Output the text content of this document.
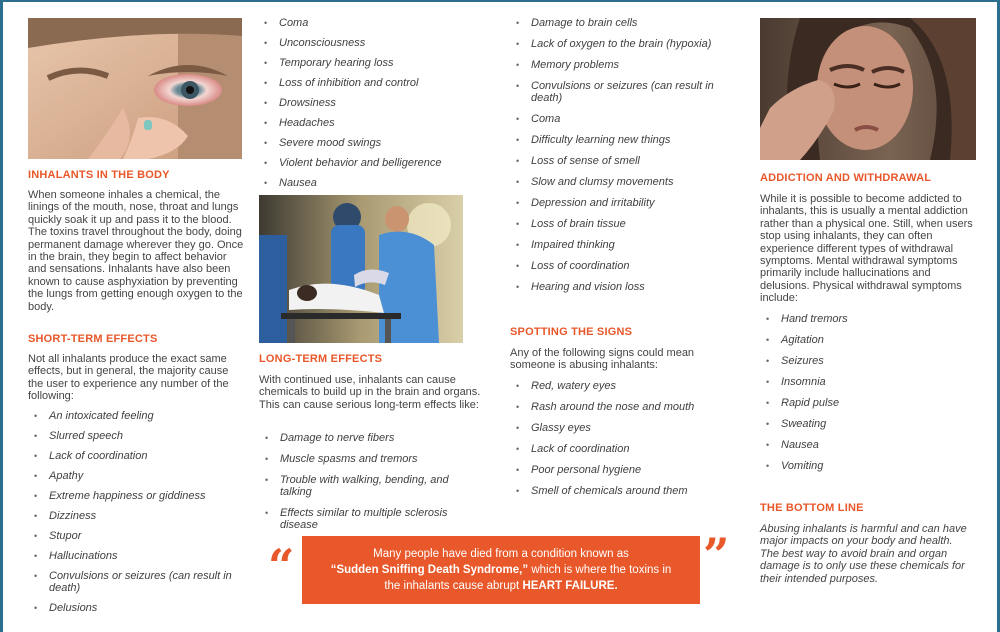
INHALANTS IN THE BODY
When someone inhales a chemical, the linings of the mouth, nose, throat and lungs quickly soak it up and pass it to the blood. The toxins travel throughout the body, doing permanent damage wherever they go. Once in the brain, they begin to affect behavior and sensations. Inhalants have also been known to cause asphyxiation by preventing the lungs from getting enough oxygen to the body.
SHORT-TERM EFFECTS
Not all inhalants produce the exact same effects, but in general, the majority cause the user to experience any number of the following:
• An intoxicated feeling
• Slurred speech
• Lack of coordination
• Apathy
• Extreme happiness or giddiness
• Dizziness
• Stupor
• Hallucinations
• Convulsions or seizures (can result in death)
• Delusions
• Coma
• Unconsciousness
• Temporary hearing loss
• Loss of inhibition and control
• Drowsiness
• Headaches
• Severe mood swings
• Violent behavior and belligerence
• Nausea
LONG-TERM EFFECTS
With continued use, inhalants can cause chemicals to build up in the brain and organs. This can cause serious long-term effects like:
• Damage to nerve fibers
• Muscle spasms and tremors
• Trouble with walking, bending, and talking
• Effects similar to multiple sclerosis disease
• Damage to brain cells
• Lack of oxygen to the brain (hypoxia)
• Memory problems
• Convulsions or seizures (can result in death)
• Coma
• Difficulty learning new things
• Loss of sense of smell
• Slow and clumsy movements
• Depression and irritability
• Loss of brain tissue
• Impaired thinking
• Loss of coordination
• Hearing and vision loss
SPOTTING THE SIGNS
Any of the following signs could mean someone is abusing inhalants:
• Red, watery eyes
• Rash around the nose and mouth
• Glassy eyes
• Lack of coordination
• Poor personal hygiene
• Smell of chemicals around them
ADDICTION AND WITHDRAWAL
While it is possible to become addicted to inhalants, this is usually a mental addiction rather than a physical one. Still, when users stop using inhalants, they can often experience different types of withdrawal symptoms. Mental withdrawal symptoms primarily include hallucinations and delusions. Physical withdrawal symptoms include:
• Hand tremors
• Agitation
• Seizures
• Insomnia
• Rapid pulse
• Sweating
• Nausea
• Vomiting
THE BOTTOM LINE
Abusing inhalants is harmful and can have major impacts on your body and health. The best way to avoid brain and organ damage is to only use these chemicals for their intended purposes.
“	Many people have died from a condition known as
“Sudden Sniffing Death Syndrome,” which is where the toxins in
the inhalants cause abrupt HEART FAILURE.
”
